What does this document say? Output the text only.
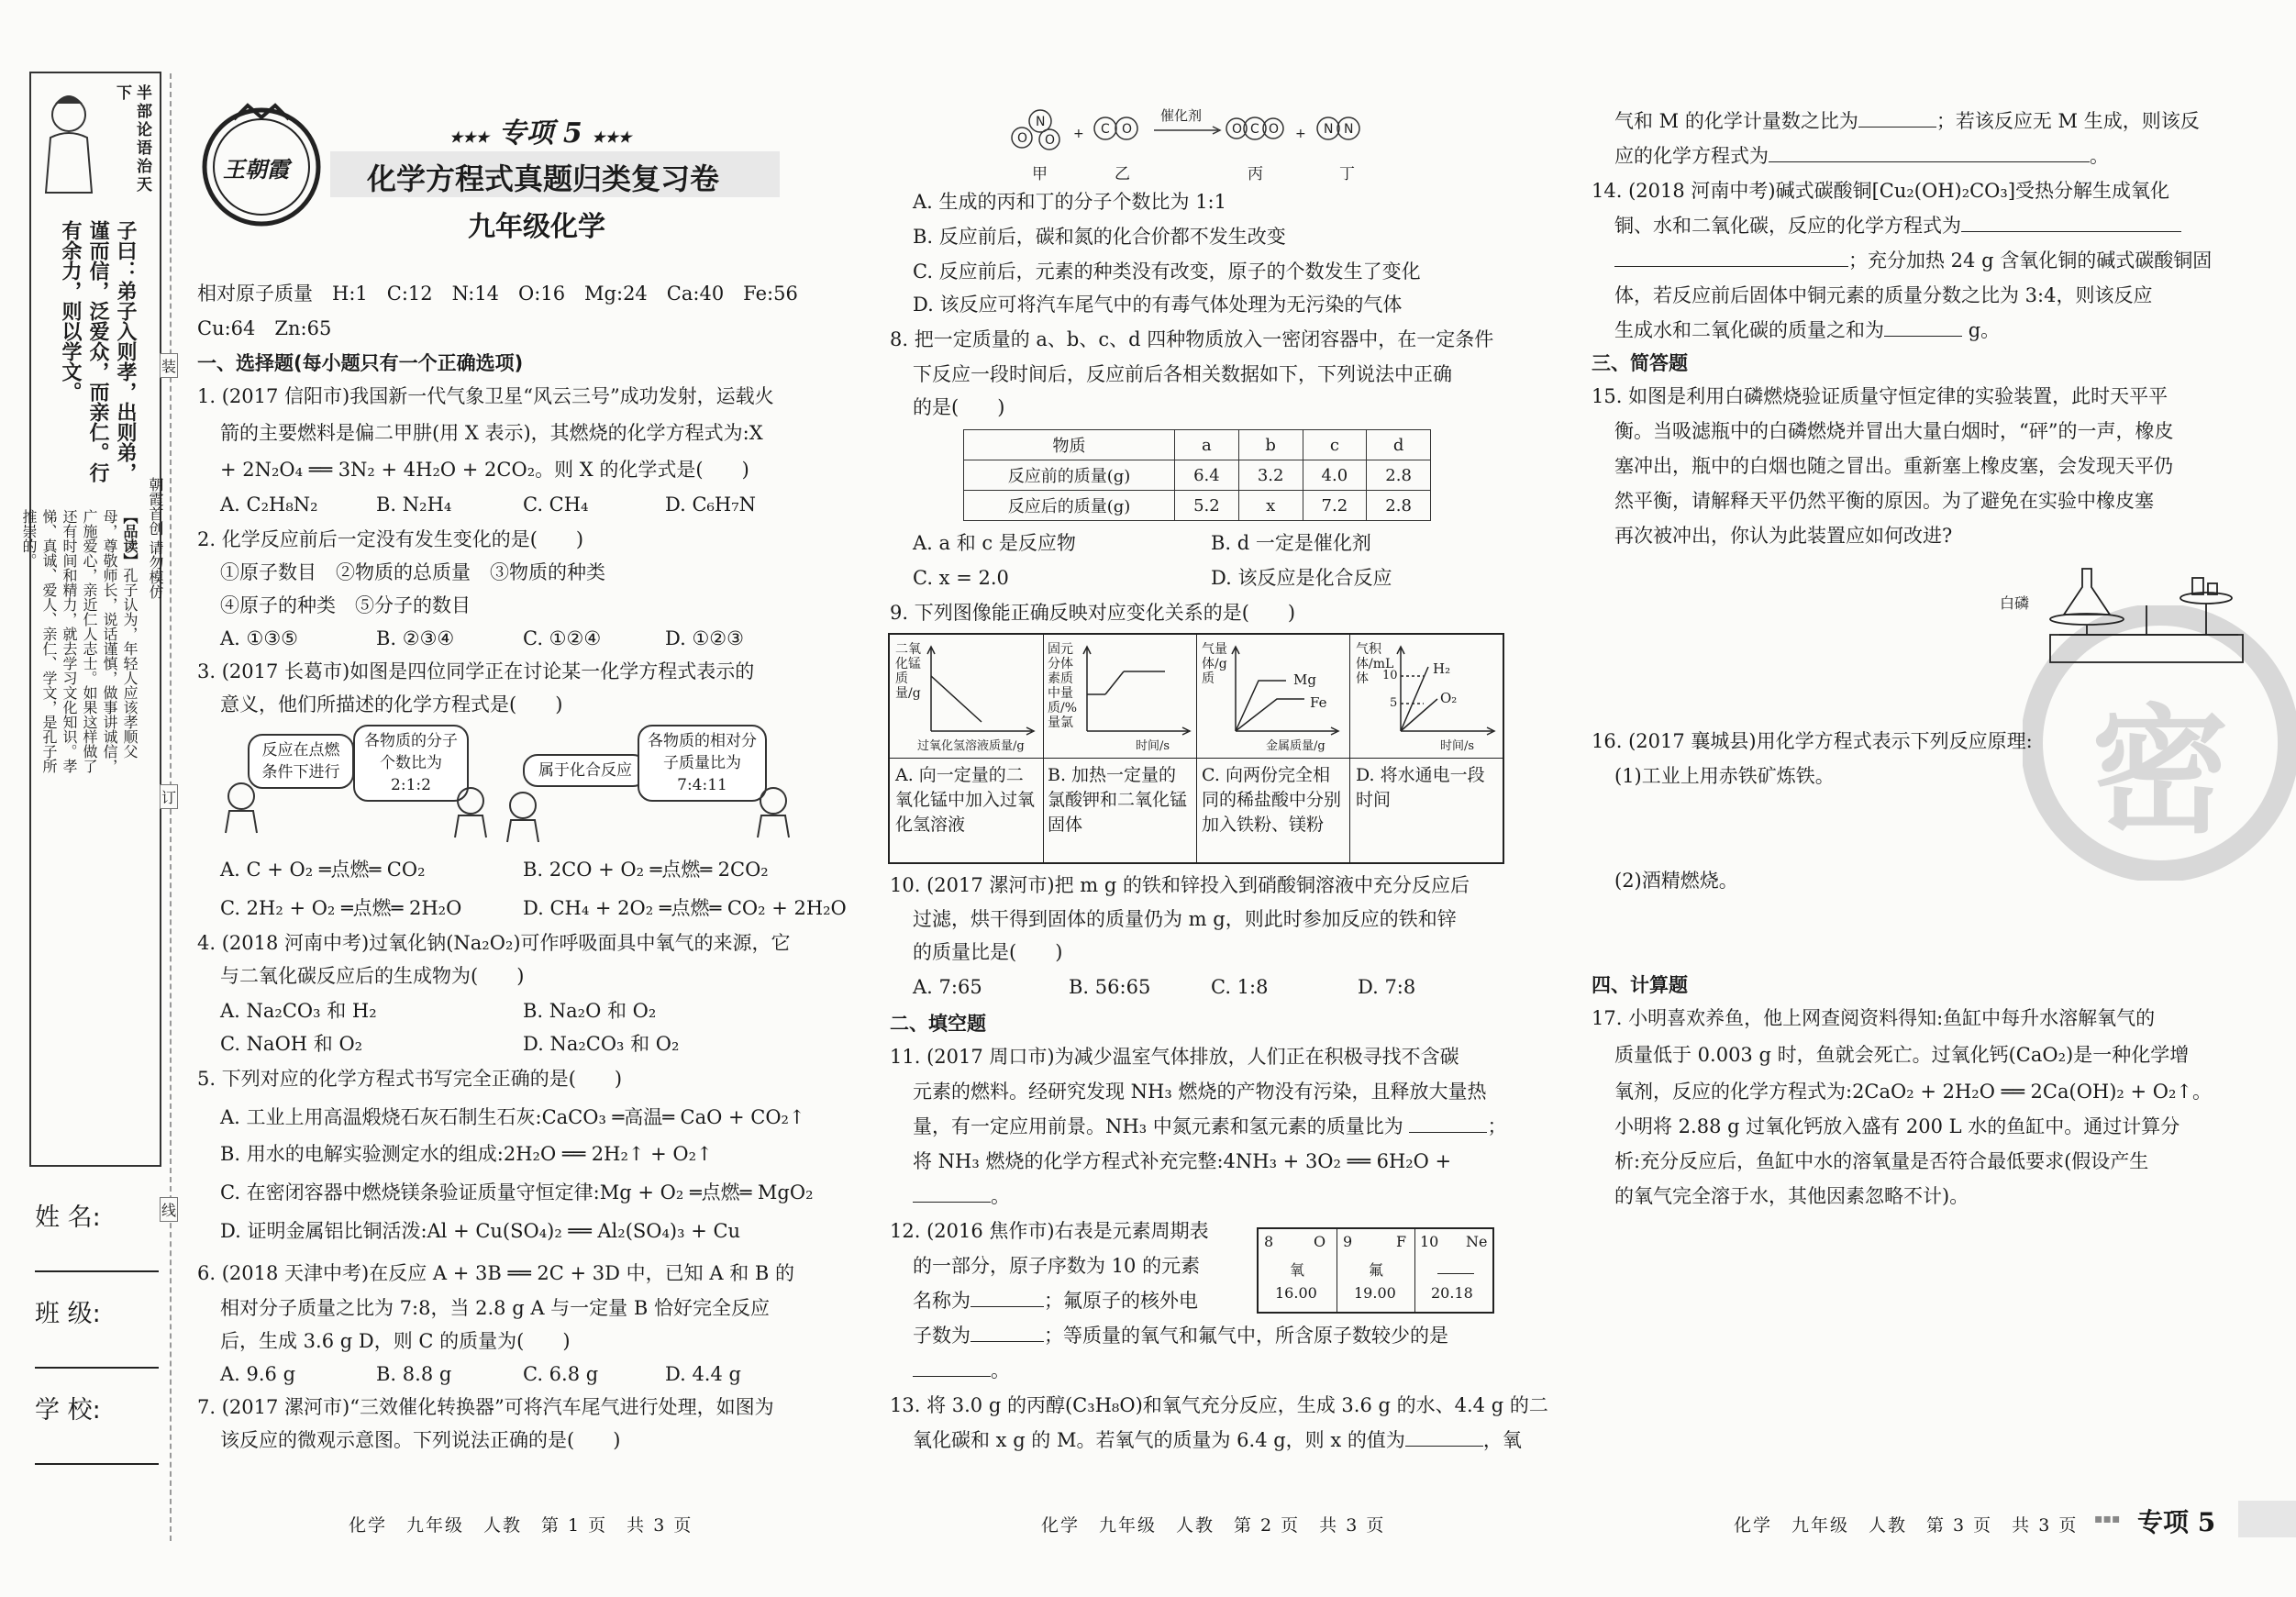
半部论语治天下
子曰：弟子入则孝，出则弟，谨而信，泛爱众，而亲仁。行有余力，则以学文。
【品读】孔子认为，年轻人应该孝顺父母，尊敬师长，说话谨慎，做事讲诚信，广施爱心，亲近仁人志士。如果这样做了还有时间和精力，就去学习文化知识。孝悌、真诚、爱人、亲仁、学文，是孔子所推崇的。	朝霞首创 请勿模仿
装
订
线
姓 名:
班 级:
学 校:
王朝霞
★★★ 专项 5 ★★★
化学方程式真题归类复习卷
九年级化学
相对原子质量　H:1　C:12　N:14　O:16　Mg:24　Ca:40　Fe:56
Cu:64　Zn:65
一、选择题(每小题只有一个正确选项)
1. (2017 信阳市)我国新一代气象卫星“风云三号”成功发射，运载火
箭的主要燃料是偏二甲肼(用 X 表示)，其燃烧的化学方程式为:X
+ 2N₂O₄ ══ 3N₂ + 4H₂O + 2CO₂。则 X 的化学式是(　　)
A. C₂H₈N₂	B. N₂H₄	C. CH₄	D. C₆H₇N
2. 化学反应前后一定没有发生变化的是(　　)
①原子数目　②物质的总质量　③物质的种类
④原子的种类　⑤分子的数目
A. ①③⑤	B. ②③④	C. ①②④	D. ①②③
3. (2017 长葛市)如图是四位同学正在讨论某一化学方程式表示的
意义，他们所描述的化学方程式是(　　)
反应在点燃条件下进行
各物质的分子个数比为2:1:2
属于化合反应
各物质的相对分子质量比为7:4:11
A. C + O₂ ═点燃═ CO₂	B. 2CO + O₂ ═点燃═ 2CO₂
C. 2H₂ + O₂ ═点燃═ 2H₂O	D. CH₄ + 2O₂ ═点燃═ CO₂ + 2H₂O
4. (2018 河南中考)过氧化钠(Na₂O₂)可作呼吸面具中氧气的来源，它
与二氧化碳反应后的生成物为(　　)
A. Na₂CO₃ 和 H₂	B. Na₂O 和 O₂
C. NaOH 和 O₂	D. Na₂CO₃ 和 O₂
5. 下列对应的化学方程式书写完全正确的是(　　)
A. 工业上用高温煅烧石灰石制生石灰:CaCO₃ ═高温═ CaO + CO₂↑
B. 用水的电解实验测定水的组成:2H₂O ══ 2H₂↑ + O₂↑
C. 在密闭容器中燃烧镁条验证质量守恒定律:Mg + O₂ ═点燃═ MgO₂
D. 证明金属铝比铜活泼:Al + Cu(SO₄)₂ ══ Al₂(SO₄)₃ + Cu
6. (2018 天津中考)在反应 A + 3B ══ 2C + 3D 中，已知 A 和 B 的
相对分子质量之比为 7:8，当 2.8 g A 与一定量 B 恰好完全反应
后，生成 3.6 g D，则 C 的质量为(　　)
A. 9.6 g	B. 8.8 g	C. 6.8 g	D. 4.4 g
7. (2017 漯河市)“三效催化转换器”可将汽车尾气进行处理，如图为
该反应的微观示意图。下列说法正确的是(　　)
化学　九年级　人教　第 1 页　共 3 页
O
N
O + C O	O C O + N N
催化剂
甲	乙	丙	丁
A. 生成的丙和丁的分子个数比为 1:1
B. 反应前后，碳和氮的化合价都不发生改变
C. 反应前后，元素的种类没有改变，原子的个数发生了变化
D. 该反应可将汽车尾气中的有毒气体处理为无污染的气体
8. 把一定质量的 a、b、c、d 四种物质放入一密闭容器中，在一定条件
下反应一段时间后，反应前后各相关数据如下，下列说法中正确
的是(　　)
物质	a	b	c	d
反应前的质量(g)	6.4	3.2	4.0	2.8
反应后的质量(g)	5.2	x	7.2	2.8
A. a 和 c 是反应物	B. d 一定是催化剂
C. x = 2.0	D. 该反应是化合反应
9. 下列图像能正确反映对应变化关系的是(　　)
二氧化锰质量/g
过氧化氢溶液质量/g
A. 向一定量的二氧化锰中加入过氧化氢溶液
固元分体素质中量质/%量氯
时间/s
B. 加热一定量的氯酸钾和二氧化锰固体
气量体/g质	Mg
Fe
金属质量/g
C. 向两份完全相同的稀盐酸中分别加入铁粉、镁粉
气积体/mL体	10
5
H₂
O₂
时间/s
D. 将水通电一段时间
10. (2017 漯河市)把 m g 的铁和锌投入到硝酸铜溶液中充分反应后
过滤，烘干得到固体的质量仍为 m g，则此时参加反应的铁和锌
的质量比是(　　)
A. 7:65	B. 56:65	C. 1:8	D. 7:8
二、填空题
11. (2017 周口市)为减少温室气体排放，人们正在积极寻找不含碳
元素的燃料。经研究发现 NH₃ 燃烧的产物没有污染，且释放大量热
量，有一定应用前景。NH₃ 中氮元素和氢元素的质量比为	；
将 NH₃ 燃烧的化学方程式补充完整:4NH₃ + 3O₂ ══ 6H₂O +
。
12. (2016 焦作市)右表是元素周期表
的一部分，原子序数为 10 的元素
名称为	；氟原子的核外电
子数为	；等质量的氧气和氟气中，所含原子数较少的是
。
8	O
氧
16.00
9	F
氟
19.00
10 Ne
20.18
13. 将 3.0 g 的丙醇(C₃H₈O)和氧气充分反应，生成 3.6 g 的水、4.4 g 的二
氧化碳和 x g 的 M。若氧气的质量为 6.4 g，则 x 的值为	，氧
化学　九年级　人教　第 2 页　共 3 页
密
气和 M 的化学计量数之比为	；若该反应无 M 生成，则该反
应的化学方程式为	。
14. (2018 河南中考)碱式碳酸铜[Cu₂(OH)₂CO₃]受热分解生成氧化
铜、水和二氧化碳，反应的化学方程式为
；充分加热 24 g 含氧化铜的碱式碳酸铜固
体，若反应前后固体中铜元素的质量分数之比为 3:4，则该反应
生成水和二氧化碳的质量之和为	g。
三、简答题
15. 如图是利用白磷燃烧验证质量守恒定律的实验装置，此时天平平
衡。当吸滤瓶中的白磷燃烧并冒出大量白烟时，“砰”的一声，橡皮
塞冲出，瓶中的白烟也随之冒出。重新塞上橡皮塞，会发现天平仍
然平衡，请解释天平仍然平衡的原因。为了避免在实验中橡皮塞
再次被冲出，你认为此装置应如何改进?
白磷
16. (2017 襄城县)用化学方程式表示下列反应原理:
(1)工业上用赤铁矿炼铁。
(2)酒精燃烧。
四、计算题
17. 小明喜欢养鱼，他上网查阅资料得知:鱼缸中每升水溶解氧气的
质量低于 0.003 g 时，鱼就会死亡。过氧化钙(CaO₂)是一种化学增
氧剂，反应的化学方程式为:2CaO₂ + 2H₂O ══ 2Ca(OH)₂ + O₂↑。
小明将 2.88 g 过氧化钙放入盛有 200 L 水的鱼缸中。通过计算分
析:充分反应后，鱼缸中水的溶氧量是否符合最低要求(假设产生
的氧气完全溶于水，其他因素忽略不计)。
化学　九年级　人教　第 3 页　共 3 页 ▪▪▪ 专项 5
